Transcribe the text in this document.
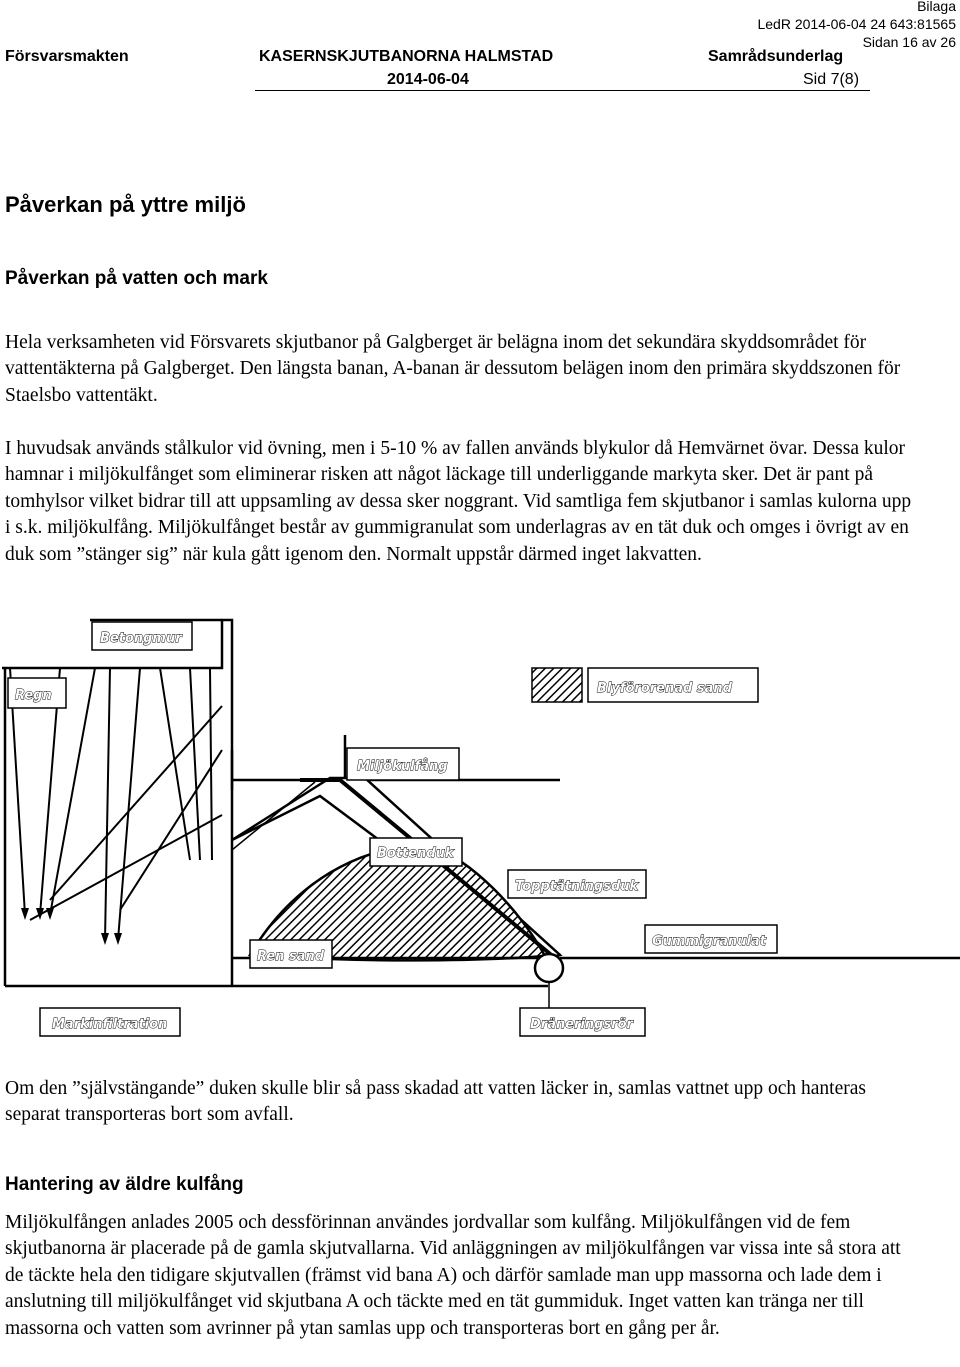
Bilaga
LedR 2014-06-04 24 643:81565
Sidan 16 av 26
Försvarsmakten	KASERNSKJUTBANORNA HALMSTAD	Samrådsunderlag
2014-06-04	Sid 7(8)
Påverkan på yttre miljö
Påverkan på vatten och mark

Hela verksamheten vid Försvarets skjutbanor på Galgberget är belägna inom det sekundära skyddsområdet för vattentäkterna på Galgberget. Den längsta banan, A-banan är dessutom belägen inom den primära skyddszonen för Staelsbo vattentäkt.

I huvudsak används stålkulor vid övning, men i 5-10 % av fallen används blykulor då Hemvärnet övar. Dessa kulor hamnar i miljökulfånget som eliminerar risken att något läckage till underliggande markyta sker. Det är pant på tomhylsor vilket bidrar till att uppsamling av dessa sker noggrant. Vid samtliga fem skjutbanor i samlas kulorna upp i s.k. miljökulfång. Miljökulfånget består av gummigranulat som underlagras av en tät duk och omges i övrigt av en duk som ”stänger sig” när kula gått igenom den. Normalt uppstår därmed inget lakvatten.

Betongmur
Regn	Blyförorenad sand
Miljökulfång
Bottenduk
Topptätningsduk
Gummigranulat
Ren sand
Markinfiltration	Dräneringsrör

Om den ”självstängande” duken skulle blir så pass skadad att vatten läcker in, samlas vattnet upp och hanteras separat transporteras bort som avfall.

Hantering av äldre kulfång

Miljökulfången anlades 2005 och dessförinnan användes jordvallar som kulfång. Miljökulfången vid de fem skjutbanorna är placerade på de gamla skjutvallarna. Vid anläggningen av miljökulfången var vissa inte så stora att de täckte hela den tidigare skjutvallen (främst vid bana A) och därför samlade man upp massorna och lade dem i anslutning till miljökulfånget vid skjutbana A och täckte med en tät gummiduk. Inget vatten kan tränga ner till massorna och vatten som avrinner på ytan samlas upp och transporteras bort en gång per år.
